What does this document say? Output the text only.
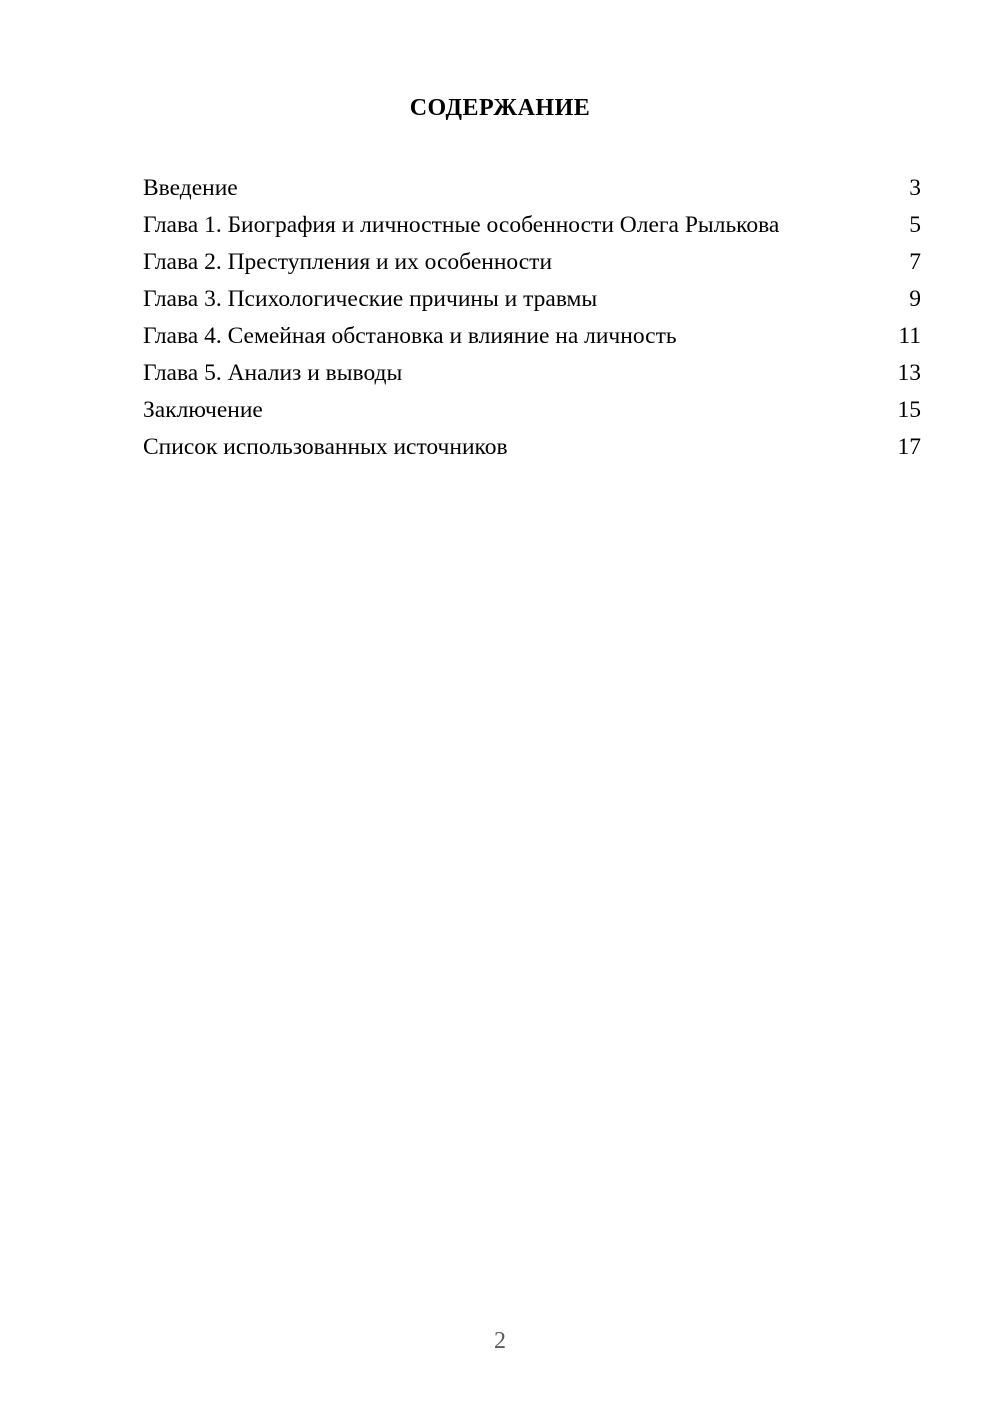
СОДЕРЖАНИЕ
Введение	3
Глава 1. Биография и личностные особенности Олега Рылькова	5
Глава 2. Преступления и их особенности	7
Глава 3. Психологические причины и травмы	9
Глава 4. Семейная обстановка и влияние на личность	11
Глава 5. Анализ и выводы	13
Заключение	15
Список использованных источников	17
2
